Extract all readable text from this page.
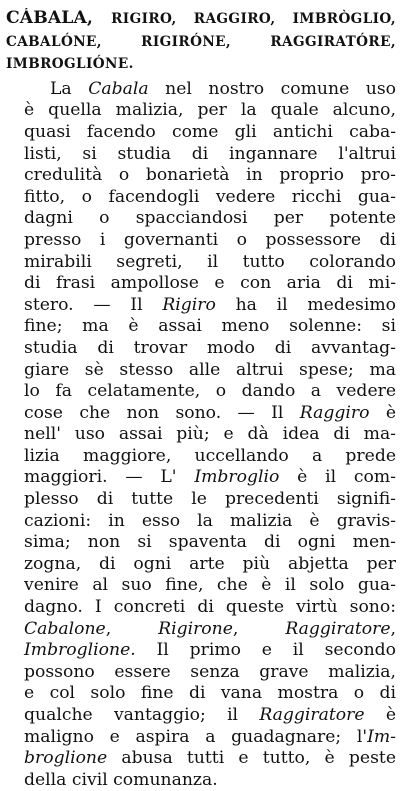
CÁBALA, RIGIRO, RAGGIRO, IMBRÒGLIO,
CABALÓNE, RIGIRÓNE, RAGGIRATÓRE,
IMBROGLIÓNE.
La Cabala nel nostro comune uso
è quella malizia, per la quale alcuno,
quasi facendo come gli antichi caba-
listi, si studia di ingannare l'altrui
credulità o bonarietà in proprio pro-
fitto, o facendogli vedere ricchi gua-
dagni o spacciandosi per potente
presso i governanti o possessore di
mirabili segreti, il tutto colorando
di frasi ampollose e con aria di mi-
stero. — Il Rigiro ha il medesimo
fine; ma è assai meno solenne: si
studia di trovar modo di avvantag-
giare sè stesso alle altrui spese; ma
lo fa celatamente, o dando a vedere
cose che non sono. — Il Raggiro è
nell' uso assai più; e dà idea di ma-
lizia maggiore, uccellando a prede
maggiori. — L' Imbroglio è il com-
plesso di tutte le precedenti signifi-
cazioni: in esso la malizia è gravis-
sima; non si spaventa di ogni men-
zogna, di ogni arte più abjetta per
venire al suo fine, che è il solo gua-
dagno. I concreti di queste virtù sono:
Cabalone, Rigirone, Raggiratore,
Imbroglione. Il primo e il secondo
possono essere senza grave malizia,
e col solo fine di vana mostra o di
qualche vantaggio; il Raggiratore è
maligno e aspira a guadagnare; l'Im-
broglione abusa tutti e tutto, è peste
della civil comunanza.
